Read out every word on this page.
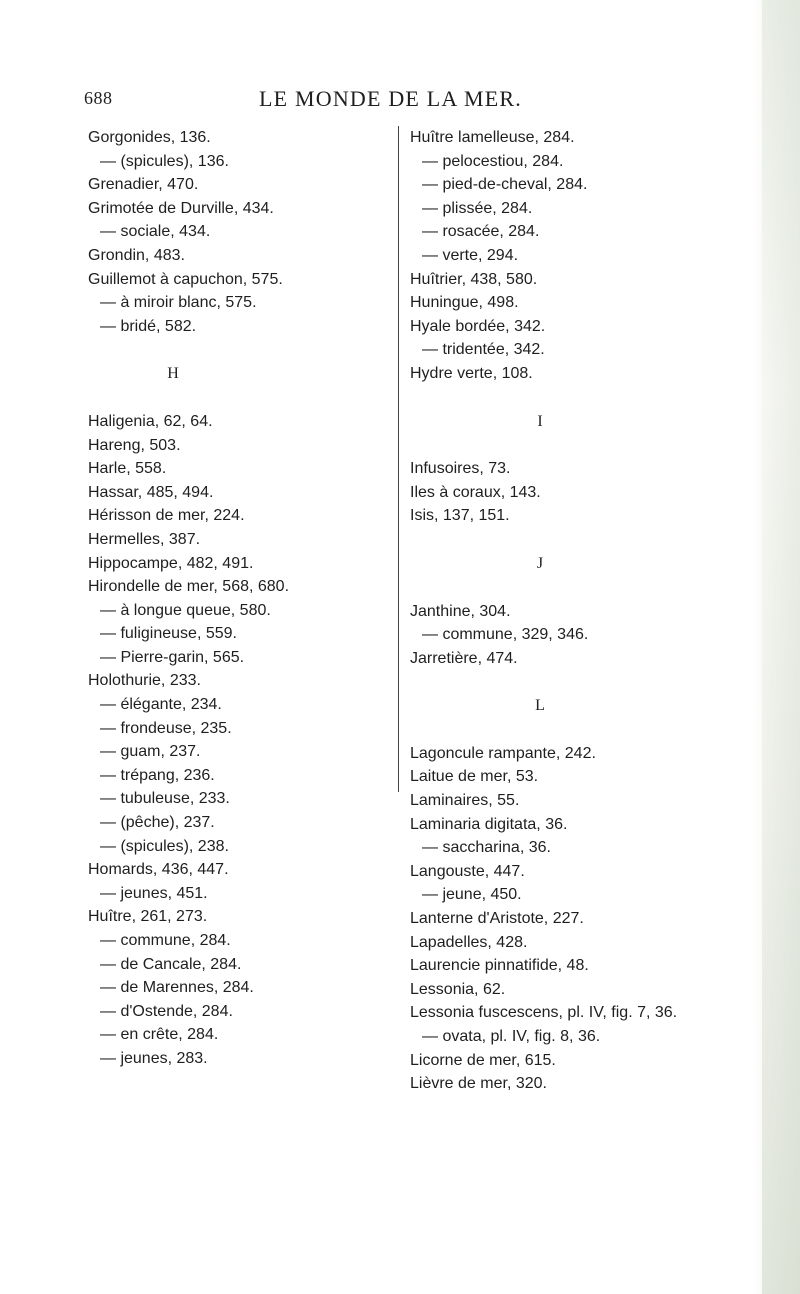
688	LE MONDE DE LA MER.
Gorgonides, 136.
— (spicules), 136.
Grenadier, 470.
Grimotée de Durville, 434.
— sociale, 434.
Grondin, 483.
Guillemot à capuchon, 575.
— à miroir blanc, 575.
— bridé, 582.
H
Haligenia, 62, 64.
Hareng, 503.
Harle, 558.
Hassar, 485, 494.
Hérisson de mer, 224.
Hermelles, 387.
Hippocampe, 482, 491.
Hirondelle de mer, 568, 680.
— à longue queue, 580.
— fuligineuse, 559.
— Pierre-garin, 565.
Holothurie, 233.
— élégante, 234.
— frondeuse, 235.
— guam, 237.
— trépang, 236.
— tubuleuse, 233.
— (pêche), 237.
— (spicules), 238.
Homards, 436, 447.
— jeunes, 451.
Huître, 261, 273.
— commune, 284.
— de Cancale, 284.
— de Marennes, 284.
— d'Ostende, 284.
— en crête, 284.
— jeunes, 283.
Huître lamelleuse, 284.
— pelocestiou, 284.
— pied-de-cheval, 284.
— plissée, 284.
— rosacée, 284.
— verte, 294.
Huîtrier, 438, 580.
Huningue, 498.
Hyale bordée, 342.
— tridentée, 342.
Hydre verte, 108.
I
Infusoires, 73.
Iles à coraux, 143.
Isis, 137, 151.
J
Janthine, 304.
— commune, 329, 346.
Jarretière, 474.
L
Lagoncule rampante, 242.
Laitue de mer, 53.
Laminaires, 55.
Laminaria digitata, 36.
— saccharina, 36.
Langouste, 447.
— jeune, 450.
Lanterne d'Aristote, 227.
Lapadelles, 428.
Laurencie pinnatifide, 48.
Lessonia, 62.
Lessonia fuscescens, pl. IV, fig. 7, 36.
— ovata, pl. IV, fig. 8, 36.
Licorne de mer, 615.
Lièvre de mer, 320.
